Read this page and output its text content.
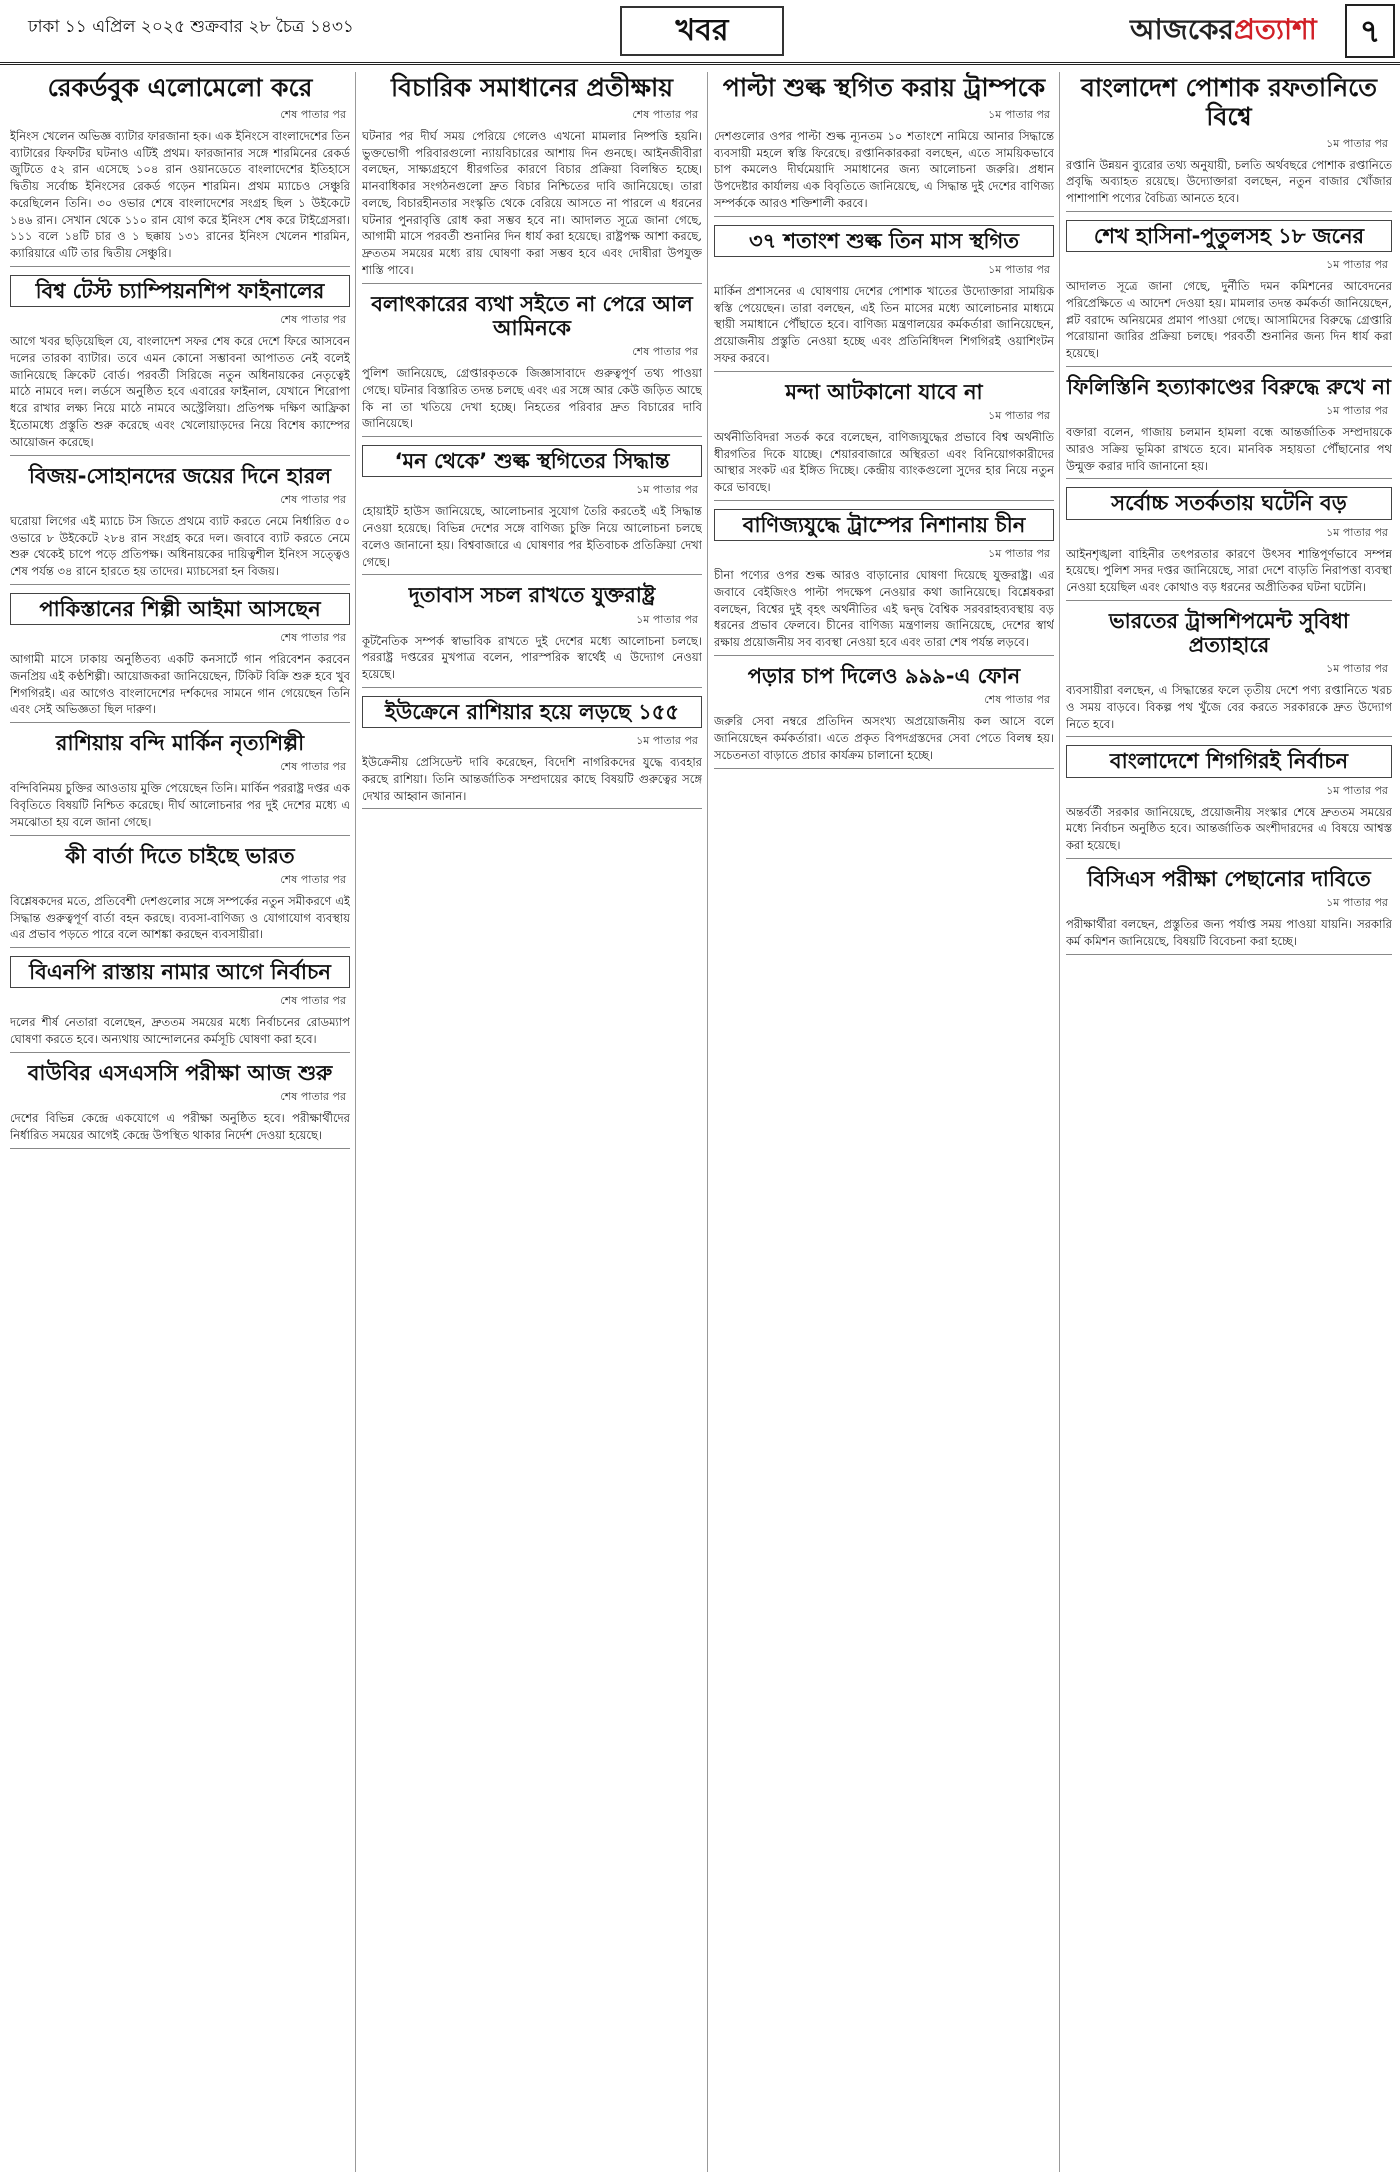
ঢাকা ১১ এপ্রিল ২০২৫ শুক্রবার ২৮ চৈত্র ১৪৩১	খবর	আজকেরপ্রত্যাশা	৭
রেকর্ডবুক এলোমেলো করে
শেষ পাতার পর

ইনিংস খেলেন অভিজ্ঞ ব্যাটার ফারজানা হক। এক ইনিংসে বাংলাদেশের তিন ব্যাটারের ফিফটির ঘটনাও এটিই প্রথম। ফারজানার সঙ্গে শারমিনের রেকর্ড জুটিতে ৫২ রান এসেছে ১০৪ রান ওয়ানডেতে বাংলাদেশের ইতিহাসে দ্বিতীয় সর্বোচ্চ ইনিংসের রেকর্ড গড়েন শারমিন। প্রথম ম্যাচেও সেঞ্চুরি করেছিলেন তিনি। ৩০ ওভার শেষে বাংলাদেশের সংগ্রহ ছিল ১ উইকেটে ১৪৬ রান। সেখান থেকে ১১০ রান যোগ করে ইনিংস শেষ করে টাইগ্রেসরা। ১১১ বলে ১৪টি চার ও ১ ছক্কায় ১৩১ রানের ইনিংস খেলেন শারমিন, ক্যারিয়ারে এটি তার দ্বিতীয় সেঞ্চুরি।

বিশ্ব টেস্ট চ্যাম্পিয়নশিপ ফাইনালের
শেষ পাতার পর

আগে খবর ছড়িয়েছিল যে, বাংলাদেশ সফর শেষ করে দেশে ফিরে আসবেন দলের তারকা ব্যাটার। তবে এমন কোনো সম্ভাবনা আপাতত নেই বলেই জানিয়েছে ক্রিকেট বোর্ড। পরবর্তী সিরিজে নতুন অধিনায়কের নেতৃত্বেই মাঠে নামবে দল। লর্ডসে অনুষ্ঠিত হবে এবারের ফাইনাল, যেখানে শিরোপা ধরে রাখার লক্ষ্য নিয়ে মাঠে নামবে অস্ট্রেলিয়া। প্রতিপক্ষ দক্ষিণ আফ্রিকা ইতোমধ্যে প্রস্তুতি শুরু করেছে এবং খেলোয়াড়দের নিয়ে বিশেষ ক্যাম্পের আয়োজন করেছে।

বিজয়-সোহানদের জয়ের দিনে হারল
শেষ পাতার পর

ঘরোয়া লিগের এই ম্যাচে টস জিতে প্রথমে ব্যাট করতে নেমে নির্ধারিত ৫০ ওভারে ৮ উইকেটে ২৮৪ রান সংগ্রহ করে দল। জবাবে ব্যাট করতে নেমে শুরু থেকেই চাপে পড়ে প্রতিপক্ষ। অধিনায়কের দায়িত্বশীল ইনিংস সত্ত্বেও শেষ পর্যন্ত ৩৪ রানে হারতে হয় তাদের। ম্যাচসেরা হন বিজয়।

পাকিস্তানের শিল্পী আইমা আসছেন
শেষ পাতার পর

আগামী মাসে ঢাকায় অনুষ্ঠিতব্য একটি কনসার্টে গান পরিবেশন করবেন জনপ্রিয় এই কণ্ঠশিল্পী। আয়োজকরা জানিয়েছেন, টিকিট বিক্রি শুরু হবে খুব শিগগিরই। এর আগেও বাংলাদেশের দর্শকদের সামনে গান গেয়েছেন তিনি এবং সেই অভিজ্ঞতা ছিল দারুণ।

রাশিয়ায় বন্দি মার্কিন নৃত্যশিল্পী
শেষ পাতার পর

বন্দিবিনিময় চুক্তির আওতায় মুক্তি পেয়েছেন তিনি। মার্কিন পররাষ্ট্র দপ্তর এক বিবৃতিতে বিষয়টি নিশ্চিত করেছে। দীর্ঘ আলোচনার পর দুই দেশের মধ্যে এ সমঝোতা হয় বলে জানা গেছে।

কী বার্তা দিতে চাইছে ভারত
শেষ পাতার পর

বিশ্লেষকদের মতে, প্রতিবেশী দেশগুলোর সঙ্গে সম্পর্কের নতুন সমীকরণে এই সিদ্ধান্ত গুরুত্বপূর্ণ বার্তা বহন করছে। ব্যবসা-বাণিজ্য ও যোগাযোগ ব্যবস্থায় এর প্রভাব পড়তে পারে বলে আশঙ্কা করছেন ব্যবসায়ীরা।

বিএনপি রাস্তায় নামার আগে নির্বাচন
শেষ পাতার পর

দলের শীর্ষ নেতারা বলেছেন, দ্রুততম সময়ের মধ্যে নির্বাচনের রোডম্যাপ ঘোষণা করতে হবে। অন্যথায় আন্দোলনের কর্মসূচি ঘোষণা করা হবে।

বাউবির এসএসসি পরীক্ষা আজ শুরু
শেষ পাতার পর

দেশের বিভিন্ন কেন্দ্রে একযোগে এ পরীক্ষা অনুষ্ঠিত হবে। পরীক্ষার্থীদের নির্ধারিত সময়ের আগেই কেন্দ্রে উপস্থিত থাকার নির্দেশ দেওয়া হয়েছে।

বিচারিক সমাধানের প্রতীক্ষায়
শেষ পাতার পর

ঘটনার পর দীর্ঘ সময় পেরিয়ে গেলেও এখনো মামলার নিষ্পত্তি হয়নি। ভুক্তভোগী পরিবারগুলো ন্যায়বিচারের আশায় দিন গুনছে। আইনজীবীরা বলছেন, সাক্ষ্যগ্রহণে ধীরগতির কারণে বিচার প্রক্রিয়া বিলম্বিত হচ্ছে। মানবাধিকার সংগঠনগুলো দ্রুত বিচার নিশ্চিতের দাবি জানিয়েছে। তারা বলছে, বিচারহীনতার সংস্কৃতি থেকে বেরিয়ে আসতে না পারলে এ ধরনের ঘটনার পুনরাবৃত্তি রোধ করা সম্ভব হবে না। আদালত সূত্রে জানা গেছে, আগামী মাসে পরবর্তী শুনানির দিন ধার্য করা হয়েছে। রাষ্ট্রপক্ষ আশা করছে, দ্রুততম সময়ের মধ্যে রায় ঘোষণা করা সম্ভব হবে এবং দোষীরা উপযুক্ত শাস্তি পাবে।

বলাৎকারের ব্যথা সইতে না পেরে আল আমিনকে
শেষ পাতার পর

পুলিশ জানিয়েছে, গ্রেপ্তারকৃতকে জিজ্ঞাসাবাদে গুরুত্বপূর্ণ তথ্য পাওয়া গেছে। ঘটনার বিস্তারিত তদন্ত চলছে এবং এর সঙ্গে আর কেউ জড়িত আছে কি না তা খতিয়ে দেখা হচ্ছে। নিহতের পরিবার দ্রুত বিচারের দাবি জানিয়েছে।

‘মন থেকে’ শুল্ক স্থগিতের সিদ্ধান্ত
১ম পাতার পর

হোয়াইট হাউস জানিয়েছে, আলোচনার সুযোগ তৈরি করতেই এই সিদ্ধান্ত নেওয়া হয়েছে। বিভিন্ন দেশের সঙ্গে বাণিজ্য চুক্তি নিয়ে আলোচনা চলছে বলেও জানানো হয়। বিশ্ববাজারে এ ঘোষণার পর ইতিবাচক প্রতিক্রিয়া দেখা গেছে।

দূতাবাস সচল রাখতে যুক্তরাষ্ট্র
১ম পাতার পর

কূটনৈতিক সম্পর্ক স্বাভাবিক রাখতে দুই দেশের মধ্যে আলোচনা চলছে। পররাষ্ট্র দপ্তরের মুখপাত্র বলেন, পারস্পরিক স্বার্থেই এ উদ্যোগ নেওয়া হয়েছে।

ইউক্রেনে রাশিয়ার হয়ে লড়ছে ১৫৫
১ম পাতার পর

ইউক্রেনীয় প্রেসিডেন্ট দাবি করেছেন, বিদেশি নাগরিকদের যুদ্ধে ব্যবহার করছে রাশিয়া। তিনি আন্তর্জাতিক সম্প্রদায়ের কাছে বিষয়টি গুরুত্বের সঙ্গে দেখার আহ্বান জানান।

পাল্টা শুল্ক স্থগিত করায় ট্রাম্পকে
১ম পাতার পর

দেশগুলোর ওপর পাল্টা শুল্ক ন্যূনতম ১০ শতাংশে নামিয়ে আনার সিদ্ধান্তে ব্যবসায়ী মহলে স্বস্তি ফিরেছে। রপ্তানিকারকরা বলছেন, এতে সাময়িকভাবে চাপ কমলেও দীর্ঘমেয়াদি সমাধানের জন্য আলোচনা জরুরি। প্রধান উপদেষ্টার কার্যালয় এক বিবৃতিতে জানিয়েছে, এ সিদ্ধান্ত দুই দেশের বাণিজ্য সম্পর্ককে আরও শক্তিশালী করবে।

৩৭ শতাংশ শুল্ক তিন মাস স্থগিত
১ম পাতার পর

মার্কিন প্রশাসনের এ ঘোষণায় দেশের পোশাক খাতের উদ্যোক্তারা সাময়িক স্বস্তি পেয়েছেন। তারা বলছেন, এই তিন মাসের মধ্যে আলোচনার মাধ্যমে স্থায়ী সমাধানে পৌঁছাতে হবে। বাণিজ্য মন্ত্রণালয়ের কর্মকর্তারা জানিয়েছেন, প্রয়োজনীয় প্রস্তুতি নেওয়া হচ্ছে এবং প্রতিনিধিদল শিগগিরই ওয়াশিংটন সফর করবে।

মন্দা আটকানো যাবে না
১ম পাতার পর

অর্থনীতিবিদরা সতর্ক করে বলেছেন, বাণিজ্যযুদ্ধের প্রভাবে বিশ্ব অর্থনীতি ধীরগতির দিকে যাচ্ছে। শেয়ারবাজারে অস্থিরতা এবং বিনিয়োগকারীদের আস্থার সংকট এর ইঙ্গিত দিচ্ছে। কেন্দ্রীয় ব্যাংকগুলো সুদের হার নিয়ে নতুন করে ভাবছে।

বাণিজ্যযুদ্ধে ট্রাম্পের নিশানায় চীন
১ম পাতার পর

চীনা পণ্যের ওপর শুল্ক আরও বাড়ানোর ঘোষণা দিয়েছে যুক্তরাষ্ট্র। এর জবাবে বেইজিংও পাল্টা পদক্ষেপ নেওয়ার কথা জানিয়েছে। বিশ্লেষকরা বলছেন, বিশ্বের দুই বৃহৎ অর্থনীতির এই দ্বন্দ্ব বৈশ্বিক সরবরাহব্যবস্থায় বড় ধরনের প্রভাব ফেলবে। চীনের বাণিজ্য মন্ত্রণালয় জানিয়েছে, দেশের স্বার্থ রক্ষায় প্রয়োজনীয় সব ব্যবস্থা নেওয়া হবে এবং তারা শেষ পর্যন্ত লড়বে।

পড়ার চাপ দিলেও ৯৯৯-এ ফোন
শেষ পাতার পর

জরুরি সেবা নম্বরে প্রতিদিন অসংখ্য অপ্রয়োজনীয় কল আসে বলে জানিয়েছেন কর্মকর্তারা। এতে প্রকৃত বিপদগ্রস্তদের সেবা পেতে বিলম্ব হয়। সচেতনতা বাড়াতে প্রচার কার্যক্রম চালানো হচ্ছে।

বাংলাদেশ পোশাক রফতানিতে বিশ্বে
১ম পাতার পর

রপ্তানি উন্নয়ন ব্যুরোর তথ্য অনুযায়ী, চলতি অর্থবছরে পোশাক রপ্তানিতে প্রবৃদ্ধি অব্যাহত রয়েছে। উদ্যোক্তারা বলছেন, নতুন বাজার খোঁজার পাশাপাশি পণ্যের বৈচিত্র্য আনতে হবে।

শেখ হাসিনা-পুতুলসহ ১৮ জনের
১ম পাতার পর

আদালত সূত্রে জানা গেছে, দুর্নীতি দমন কমিশনের আবেদনের পরিপ্রেক্ষিতে এ আদেশ দেওয়া হয়। মামলার তদন্ত কর্মকর্তা জানিয়েছেন, প্লট বরাদ্দে অনিয়মের প্রমাণ পাওয়া গেছে। আসামিদের বিরুদ্ধে গ্রেপ্তারি পরোয়ানা জারির প্রক্রিয়া চলছে। পরবর্তী শুনানির জন্য দিন ধার্য করা হয়েছে।

ফিলিস্তিনি হত্যাকাণ্ডের বিরুদ্ধে রুখে না
১ম পাতার পর

বক্তারা বলেন, গাজায় চলমান হামলা বন্ধে আন্তর্জাতিক সম্প্রদায়কে আরও সক্রিয় ভূমিকা রাখতে হবে। মানবিক সহায়তা পৌঁছানোর পথ উন্মুক্ত করার দাবি জানানো হয়।

সর্বোচ্চ সতর্কতায় ঘটেনি বড়
১ম পাতার পর

আইনশৃঙ্খলা বাহিনীর তৎপরতার কারণে উৎসব শান্তিপূর্ণভাবে সম্পন্ন হয়েছে। পুলিশ সদর দপ্তর জানিয়েছে, সারা দেশে বাড়তি নিরাপত্তা ব্যবস্থা নেওয়া হয়েছিল এবং কোথাও বড় ধরনের অপ্রীতিকর ঘটনা ঘটেনি।

ভারতের ট্রান্সশিপমেন্ট সুবিধা প্রত্যাহারে
১ম পাতার পর

ব্যবসায়ীরা বলছেন, এ সিদ্ধান্তের ফলে তৃতীয় দেশে পণ্য রপ্তানিতে খরচ ও সময় বাড়বে। বিকল্প পথ খুঁজে বের করতে সরকারকে দ্রুত উদ্যোগ নিতে হবে।

বাংলাদেশে শিগগিরই নির্বাচন
১ম পাতার পর

অন্তর্বর্তী সরকার জানিয়েছে, প্রয়োজনীয় সংস্কার শেষে দ্রুততম সময়ের মধ্যে নির্বাচন অনুষ্ঠিত হবে। আন্তর্জাতিক অংশীদারদের এ বিষয়ে আশ্বস্ত করা হয়েছে।

বিসিএস পরীক্ষা পেছানোর দাবিতে
১ম পাতার পর

পরীক্ষার্থীরা বলছেন, প্রস্তুতির জন্য পর্যাপ্ত সময় পাওয়া যায়নি। সরকারি কর্ম কমিশন জানিয়েছে, বিষয়টি বিবেচনা করা হচ্ছে।
